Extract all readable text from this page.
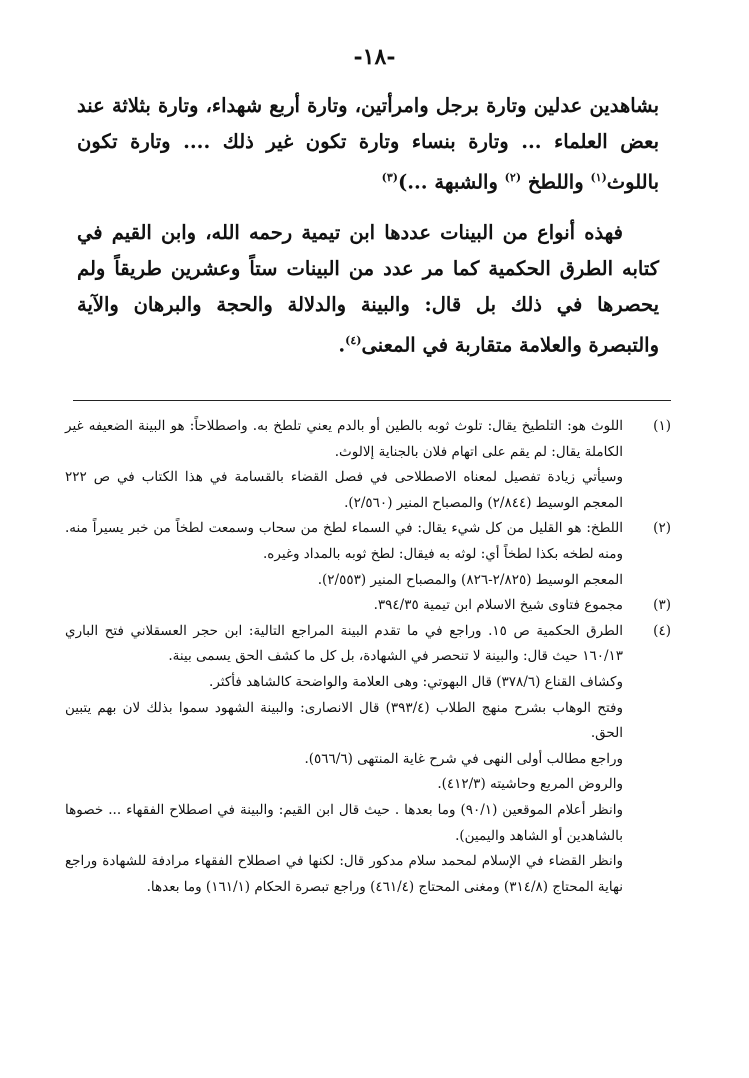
-١٨-

بشاهدين عدلين وتارة برجل وامرأتين، وتارة أربع شهداء، وتارة بثلاثة عند بعض العلماء ... وتارة بنساء وتارة تكون غير ذلك .... وتارة تكون باللوث$^{(١)}$ واللطخ $^{(٢)}$ والشبهة ...)$^{(٣)}$

فهذه أنواع من البينات عددها ابن تيمية رحمه الله، وابن القيم في كتابه الطرق الحكمية كما مر عدد من البينات ستاً وعشرين طريقاً ولم يحصرها في ذلك بل قال: والبينة والدلالة والحجة والبرهان والآية والتبصرة والعلامة متقاربة في المعنى$^{(٤)}$.

(١)
اللوث هو: التلطيخ يقال: تلوث ثوبه بالطين أو بالدم يعني تلطخ به. واصطلاحاً: هو البينة الضعيفه غير الكاملة يقال: لم يقم على اتهام فلان بالجناية إلالوث.
وسيأتي زيادة تفصيل لمعناه الاصطلاحى في فصل القضاء بالقسامة في هذا الكتاب في ص ٢٢٢ المعجم الوسيط (٢/٨٤٤) والمصباح المنير (٢/٥٦٠).
(٢)
اللطخ: هو القليل من كل شيء يقال: في السماء لطخ من سحاب وسمعت لطخاً من خبر يسيراً منه. ومنه لطخه بكذا لطخاً أي: لوثه به فيقال: لطخ ثوبه بالمداد وغيره.
المعجم الوسيط (٢/٨٢٥-٨٢٦) والمصباح المنير (٢/٥٥٣).
(٣)
مجموع فتاوى شيخ الاسلام ابن تيمية ٣٩٤/٣٥.
(٤)
الطرق الحكمية ص ١٥. وراجع في ما تقدم البينة المراجع التالية: ابن حجر العسقلاني فتح الباري ١٦٠/١٣ حيث قال: والبينة لا تنحصر في الشهادة، بل كل ما كشف الحق يسمى بينة.
وكشاف القناع (٣٧٨/٦) قال البهوتي: وهى العلامة والواضحة كالشاهد فأكثر.
وفتح الوهاب بشرح منهج الطلاب (٣٩٣/٤) قال الانصارى: والبينة الشهود سموا بذلك لان بهم يتبين الحق.
وراجع مطالب أولى النهى في شرح غاية المنتهى (٥٦٦/٦).
والروض المربع وحاشيته (٤١٢/٣).
وانظر أعلام الموقعين (٩٠/١) وما بعدها . حيث قال ابن القيم: والبينة في اصطلاح الفقهاء ... خصوها بالشاهدين أو الشاهد واليمين).
وانظر القضاء في الإسلام لمحمد سلام مدكور قال: لكنها في اصطلاح الفقهاء مرادفة للشهادة وراجع نهاية المحتاج (٣١٤/٨) ومغنى المحتاج (٤٦١/٤) وراجع تبصرة الحكام (١٦١/١) وما بعدها.
